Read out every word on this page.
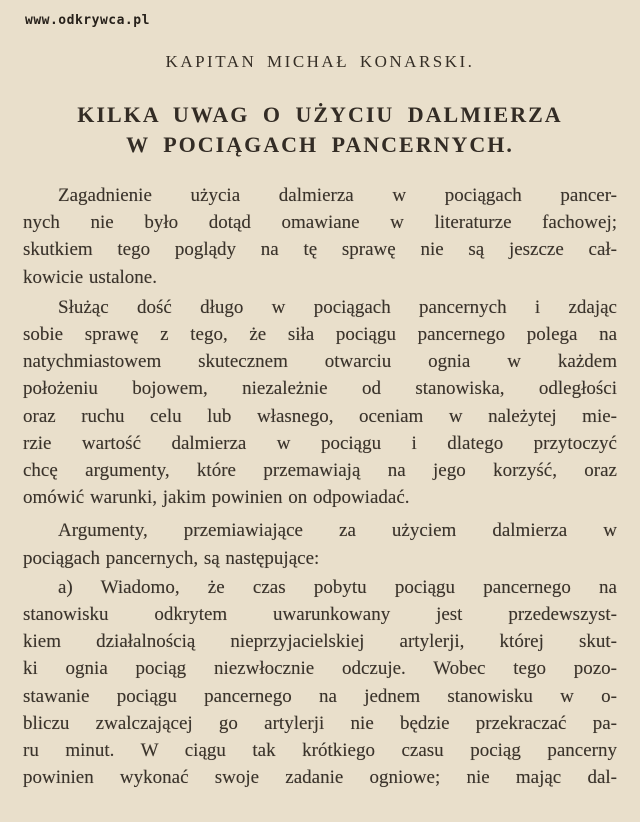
www.odkrywca.pl
KAPITAN MICHAŁ KONARSKI.
KILKA UWAG O UŻYCIU DALMIERZA
W POCIĄGACH PANCERNYCH.
Zagadnienie użycia dalmierza w pociągach pancer-
nych nie było dotąd omawiane w literaturze fachowej;
skutkiem tego poglądy na tę sprawę nie są jeszcze cał-
kowicie ustalone.
Służąc dość długo w pociągach pancernych i zdając
sobie sprawę z tego, że siła pociągu pancernego polega na
natychmiastowem skutecznem otwarciu ognia w każdem
położeniu bojowem, niezależnie od stanowiska, odległości
oraz ruchu celu lub własnego, oceniam w należytej mie-
rzie wartość dalmierza w pociągu i dlatego przytoczyć
chcę argumenty, które przemawiają na jego korzyść, oraz
omówić warunki, jakim powinien on odpowiadać.
Argumenty, przemiawiające za użyciem dalmierza w
pociągach pancernych, są następujące:
a) Wiadomo, że czas pobytu pociągu pancernego na
stanowisku odkrytem uwarunkowany jest przedewszyst-
kiem działalnością nieprzyjacielskiej artylerji, której skut-
ki ognia pociąg niezwłocznie odczuje. Wobec tego pozo-
stawanie pociągu pancernego na jednem stanowisku w o-
bliczu zwalczającej go artylerji nie będzie przekraczać pa-
ru minut. W ciągu tak krótkiego czasu pociąg pancerny
powinien wykonać swoje zadanie ogniowe; nie mając dal-
